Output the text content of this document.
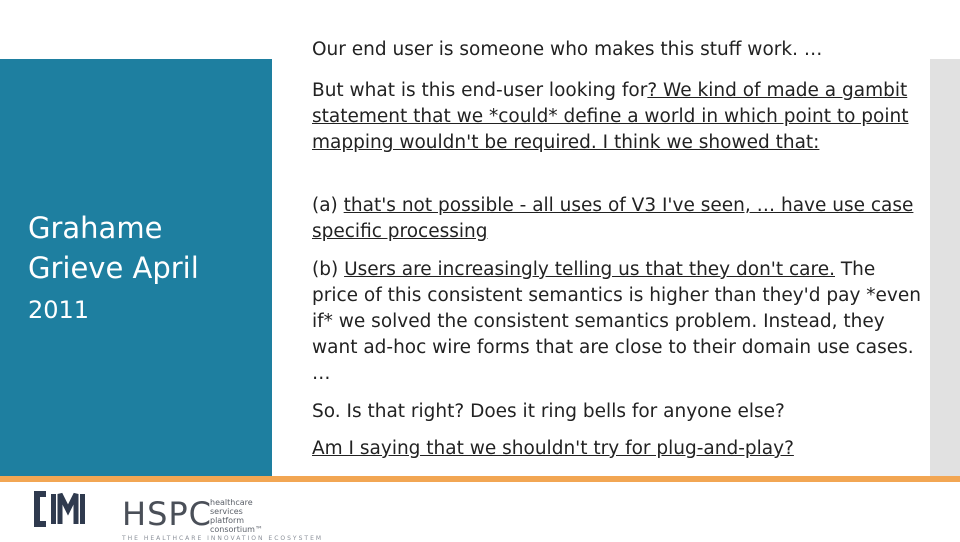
Grahame
Grieve April
2011

Our end user is someone who makes this stuff work. …

But what is this end-user looking for? We kind of made a gambit statement that we *could* define a world in which point to point mapping wouldn't be required. I think we showed that:

(a) that's not possible - all uses of V3 I've seen, … have use case specific processing

(b) Users are increasingly telling us that they don't care. The price of this consistent semantics is higher than they'd pay *even if* we solved the consistent semantics problem. Instead, they want ad-hoc wire forms that are close to their domain use cases. …

So. Is that right? Does it ring bells for anyone else?

Am I saying that we shouldn't try for plug-and-play?

HSPC
healthcare
services platform
consortium™
THE HEALTHCARE INNOVATION ECOSYSTEM
